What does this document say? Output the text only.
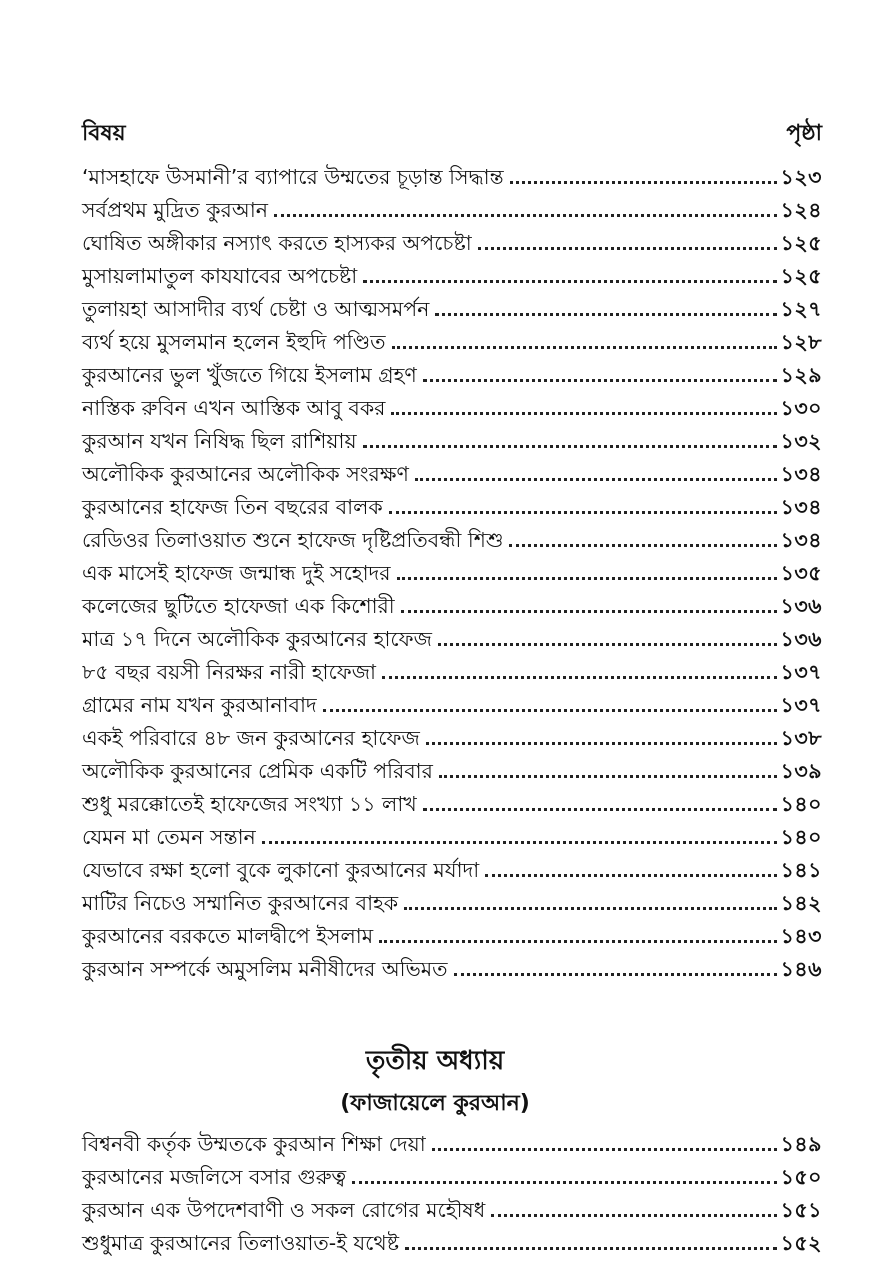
বিষয়	পৃষ্ঠা
‘মাসহাফে উসমানী’র ব্যাপারে উম্মতের চূড়ান্ত সিদ্ধান্ত	১২৩
সর্বপ্রথম মুদ্রিত কুরআন	১২৪
ঘোষিত অঙ্গীকার নস্যাৎ করতে হাস্যকর অপচেষ্টা	১২৫
মুসায়লামাতুল কাযযাবের অপচেষ্টা	১২৫
তুলায়হা আসাদীর ব্যর্থ চেষ্টা ও আত্মসমর্পন	১২৭
ব্যর্থ হয়ে মুসলমান হলেন ইহুদি পণ্ডিত	১২৮
কুরআনের ভুল খুঁজতে গিয়ে ইসলাম গ্রহণ	১২৯
নাস্তিক রুবিন এখন আস্তিক আবু বকর	১৩০
কুরআন যখন নিষিদ্ধ ছিল রাশিয়ায়	১৩২
অলৌকিক কুরআনের অলৌকিক সংরক্ষণ	১৩৪
কুরআনের হাফেজ তিন বছরের বালক	১৩৪
রেডিওর তিলাওয়াত শুনে হাফেজ দৃষ্টিপ্রতিবন্ধী শিশু	১৩৪
এক মাসেই হাফেজ জন্মান্ধ দুই সহোদর	১৩৫
কলেজের ছুটিতে হাফেজা এক কিশোরী	১৩৬
মাত্র ১৭ দিনে অলৌকিক কুরআনের হাফেজ	১৩৬
৮৫ বছর বয়সী নিরক্ষর নারী হাফেজা	১৩৭
গ্রামের নাম যখন কুরআনাবাদ	১৩৭
একই পরিবারে ৪৮ জন কুরআনের হাফেজ	১৩৮
অলৌকিক কুরআনের প্রেমিক একটি পরিবার	১৩৯
শুধু মরক্কোতেই হাফেজের সংখ্যা ১১ লাখ	১৪০
যেমন মা তেমন সন্তান	১৪০
যেভাবে রক্ষা হলো বুকে লুকানো কুরআনের মর্যাদা	১৪১
মাটির নিচেও সম্মানিত কুরআনের বাহক	১৪২
কুরআনের বরকতে মালদ্বীপে ইসলাম	১৪৩
কুরআন সম্পর্কে অমুসলিম মনীষীদের অভিমত	১৪৬
তৃতীয় অধ্যায়
(ফাজায়েলে কুরআন)
বিশ্বনবী কর্তৃক উম্মতকে কুরআন শিক্ষা দেয়া	১৪৯
কুরআনের মজলিসে বসার গুরুত্ব	১৫০
কুরআন এক উপদেশবাণী ও সকল রোগের মহৌষধ	১৫১
শুধুমাত্র কুরআনের তিলাওয়াত-ই যথেষ্ট	১৫২
